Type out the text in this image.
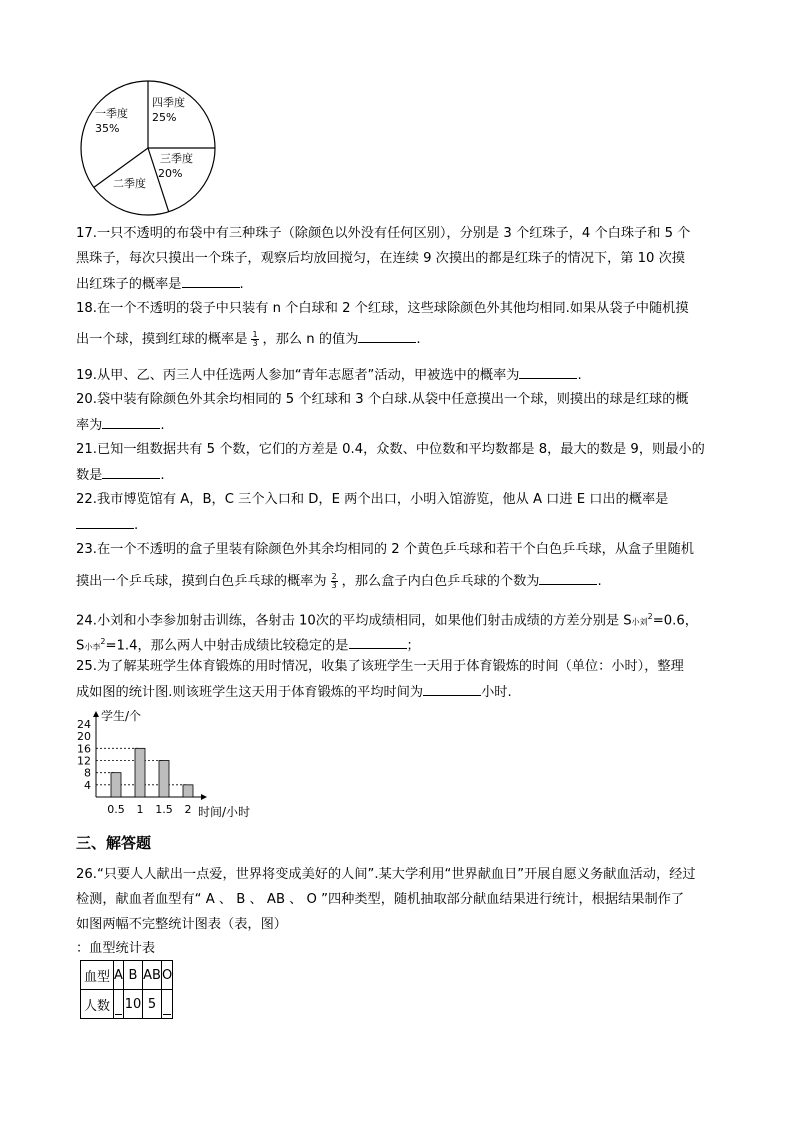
一季度
35%
四季度
25%
三季度
20%
二季度
17.一只不透明的布袋中有三种珠子（除颜色以外没有任何区别），分别是 3 个红珠子，4 个白珠子和 5 个
黑珠子，每次只摸出一个珠子，观察后均放回搅匀，在连续 9 次摸出的都是红珠子的情况下，第 10 次摸
出红珠子的概率是	.
18.在一个不透明的袋子中只装有 n 个白球和 2 个红球，这些球除颜色外其他均相同.如果从袋子中随机摸
出一个球，摸到红球的概率是 $\frac{1}{3}$ ，那么 n 的值为	.
19.从甲、乙、丙三人中任选两人参加“青年志愿者”活动，甲被选中的概率为	.
20.袋中装有除颜色外其余均相同的 5 个红球和 3 个白球.从袋中任意摸出一个球，则摸出的球是红球的概
率为	.
21.已知一组数据共有 5 个数，它们的方差是 0.4，众数、中位数和平均数都是 8，最大的数是 9，则最小的
数是	.
22.我市博览馆有 A，B，C 三个入口和 D，E 两个出口，小明入馆游览，他从 A 口进 E 口出的概率是
.
23.在一个不透明的盒子里装有除颜色外其余均相同的 2 个黄色乒乓球和若干个白色乒乓球，从盒子里随机
摸出一个乒乓球，摸到白色乒乓球的概率为 $\frac{2}{3}$ ，那么盒子内白色乒乓球的个数为	.
24.小刘和小李参加射击训练，各射击 10次的平均成绩相同，如果他们射击成绩的方差分别是 S小刘$^2$=0.6，
S小李$^2$=1.4，那么两人中射击成绩比较稳定的是	；
25.为了解某班学生体育锻炼的用时情况，收集了该班学生一天用于体育锻炼的时间（单位：小时），整理
成如图的统计图.则该班学生这天用于体育锻炼的平均时间为	小时.
学生/个
时间/小时
4
8
12
16
20
24
0.5 1 1.5 2
三、解答题
26.“只要人人献出一点爱，世界将变成美好的人间”.某大学利用“世界献血日”开展自愿义务献血活动，经过
检测，献血者血型有“ A 、 B 、 AB 、 O ”四种类型，随机抽取部分献血结果进行统计，根据结果制作了
如图两幅不完整统计图表（表，图）
：血型统计表
血型	A	B	AB	O
人数		10	5	
